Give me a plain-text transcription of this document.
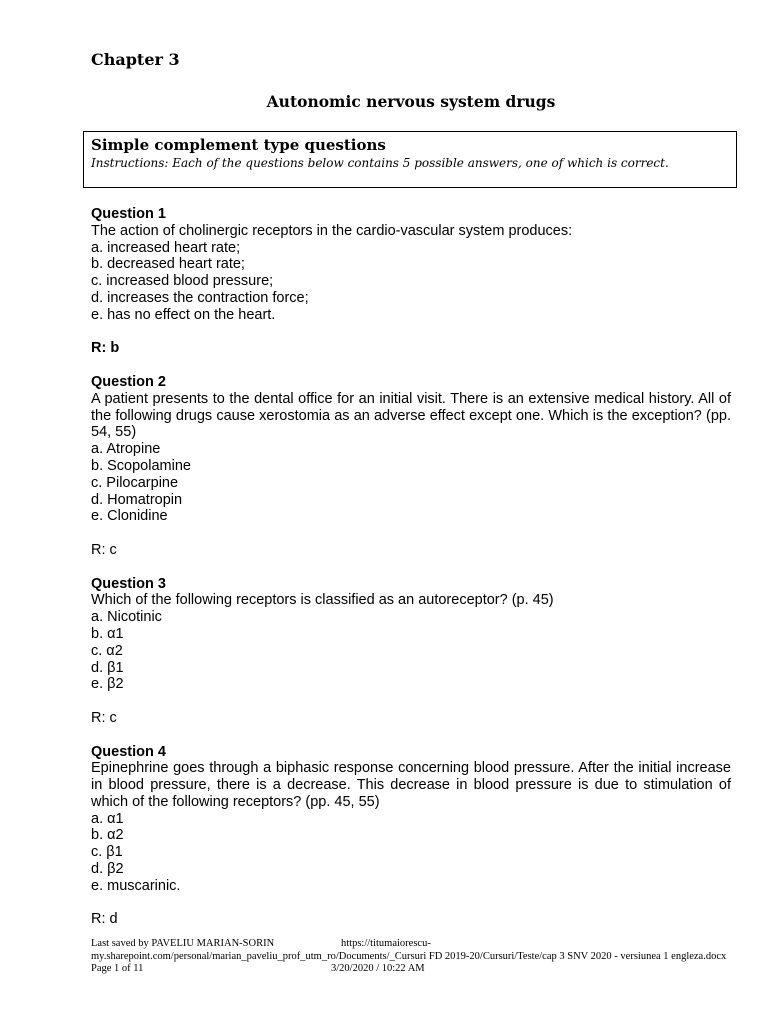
Chapter 3
Autonomic nervous system drugs
Simple complement type questions
Instructions: Each of the questions below contains 5 possible answers, one of which is correct.
Question 1
The action of cholinergic receptors in the cardio-vascular system produces:
a. increased heart rate;
b. decreased heart rate;
c. increased blood pressure;
d. increases the contraction force;
e. has no effect on the heart.
R: b
Question 2
A patient presents to the dental office for an initial visit. There is an extensive medical history. All of the following drugs cause xerostomia as an adverse effect except one. Which is the exception? (pp. 54, 55)
a. Atropine
b. Scopolamine
c. Pilocarpine
d. Homatropin
e. Clonidine
R: c
Question 3
Which of the following receptors is classified as an autoreceptor? (p. 45)
a. Nicotinic
b. α1
c. α2
d. β1
e. β2
R: c
Question 4
Epinephrine goes through a biphasic response concerning blood pressure. After the initial increase in blood pressure, there is a decrease. This decrease in blood pressure is due to stimulation of which of the following receptors? (pp. 45, 55)
a. α1
b. α2
c. β1
d. β2
e. muscarinic.
R: d
Last saved by PAVELIU MARIAN-SORIN	https://titumaiorescu-
my.sharepoint.com/personal/marian_paveliu_prof_utm_ro/Documents/_Cursuri FD 2019-20/Cursuri/Teste/cap 3 SNV 2020 - versiunea 1 engleza.docx
Page 1 of 11	3/20/2020 / 10:22 AM
